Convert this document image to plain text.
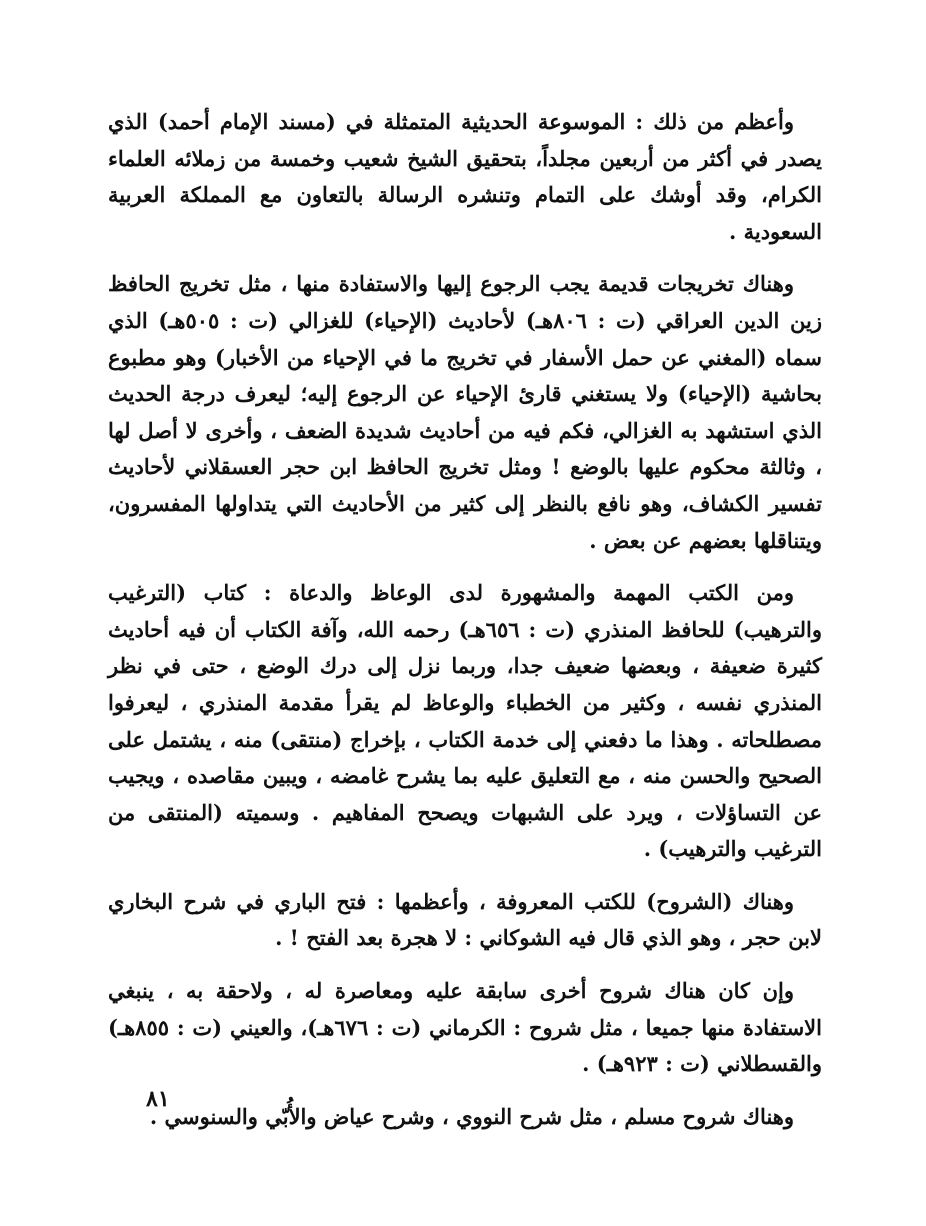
وأعظم من ذلك : الموسوعة الحديثية المتمثلة في (مسند الإمام أحمد) الذي يصدر في أكثر من أربعين مجلداً، بتحقيق الشيخ شعيب وخمسة من زملائه العلماء الكرام، وقد أوشك على التمام وتنشره الرسالة بالتعاون مع المملكة العربية السعودية .

وهناك تخريجات قديمة يجب الرجوع إليها والاستفادة منها ، مثل تخريج الحافظ زين الدين العراقي (ت : ٨٠٦هـ) لأحاديث (الإحياء) للغزالي (ت : ٥٠٥هـ) الذي سماه (المغني عن حمل الأسفار في تخريج ما في الإحياء من الأخبار) وهو مطبوع بحاشية (الإحياء) ولا يستغني قارئ الإحياء عن الرجوع إليه؛ ليعرف درجة الحديث الذي استشهد به الغزالي، فكم فيه من أحاديث شديدة الضعف ، وأخرى لا أصل لها ، وثالثة محكوم عليها بالوضع ! ومثل تخريج الحافظ ابن حجر العسقلاني لأحاديث تفسير الكشاف، وهو نافع بالنظر إلى كثير من الأحاديث التي يتداولها المفسرون، ويتناقلها بعضهم عن بعض .

ومن الكتب المهمة والمشهورة لدى الوعاظ والدعاة : كتاب (الترغيب والترهيب) للحافظ المنذري (ت : ٦٥٦هـ) رحمه الله، وآفة الكتاب أن فيه أحاديث كثيرة ضعيفة ، وبعضها ضعيف جدا، وربما نزل إلى درك الوضع ، حتى في نظر المنذري نفسه ، وكثير من الخطباء والوعاظ لم يقرأ مقدمة المنذري ، ليعرفوا مصطلحاته . وهذا ما دفعني إلى خدمة الكتاب ، بإخراج (منتقى) منه ، يشتمل على الصحيح والحسن منه ، مع التعليق عليه بما يشرح غامضه ، ويبين مقاصده ، ويجيب عن التساؤلات ، ويرد على الشبهات ويصحح المفاهيم . وسميته (المنتقى من الترغيب والترهيب) .

وهناك (الشروح) للكتب المعروفة ، وأعظمها : فتح الباري في شرح البخاري لابن حجر ، وهو الذي قال فيه الشوكاني : لا هجرة بعد الفتح ! .

وإن كان هناك شروح أخرى سابقة عليه ومعاصرة له ، ولاحقة به ، ينبغي الاستفادة منها جميعا ، مثل شروح : الكرماني (ت : ٦٧٦هـ)، والعيني (ت : ٨٥٥هـ) والقسطلاني (ت : ٩٢٣هـ) .

وهناك شروح مسلم ، مثل شرح النووي ، وشرح عياض والأُبّي والسنوسي .

٨١
